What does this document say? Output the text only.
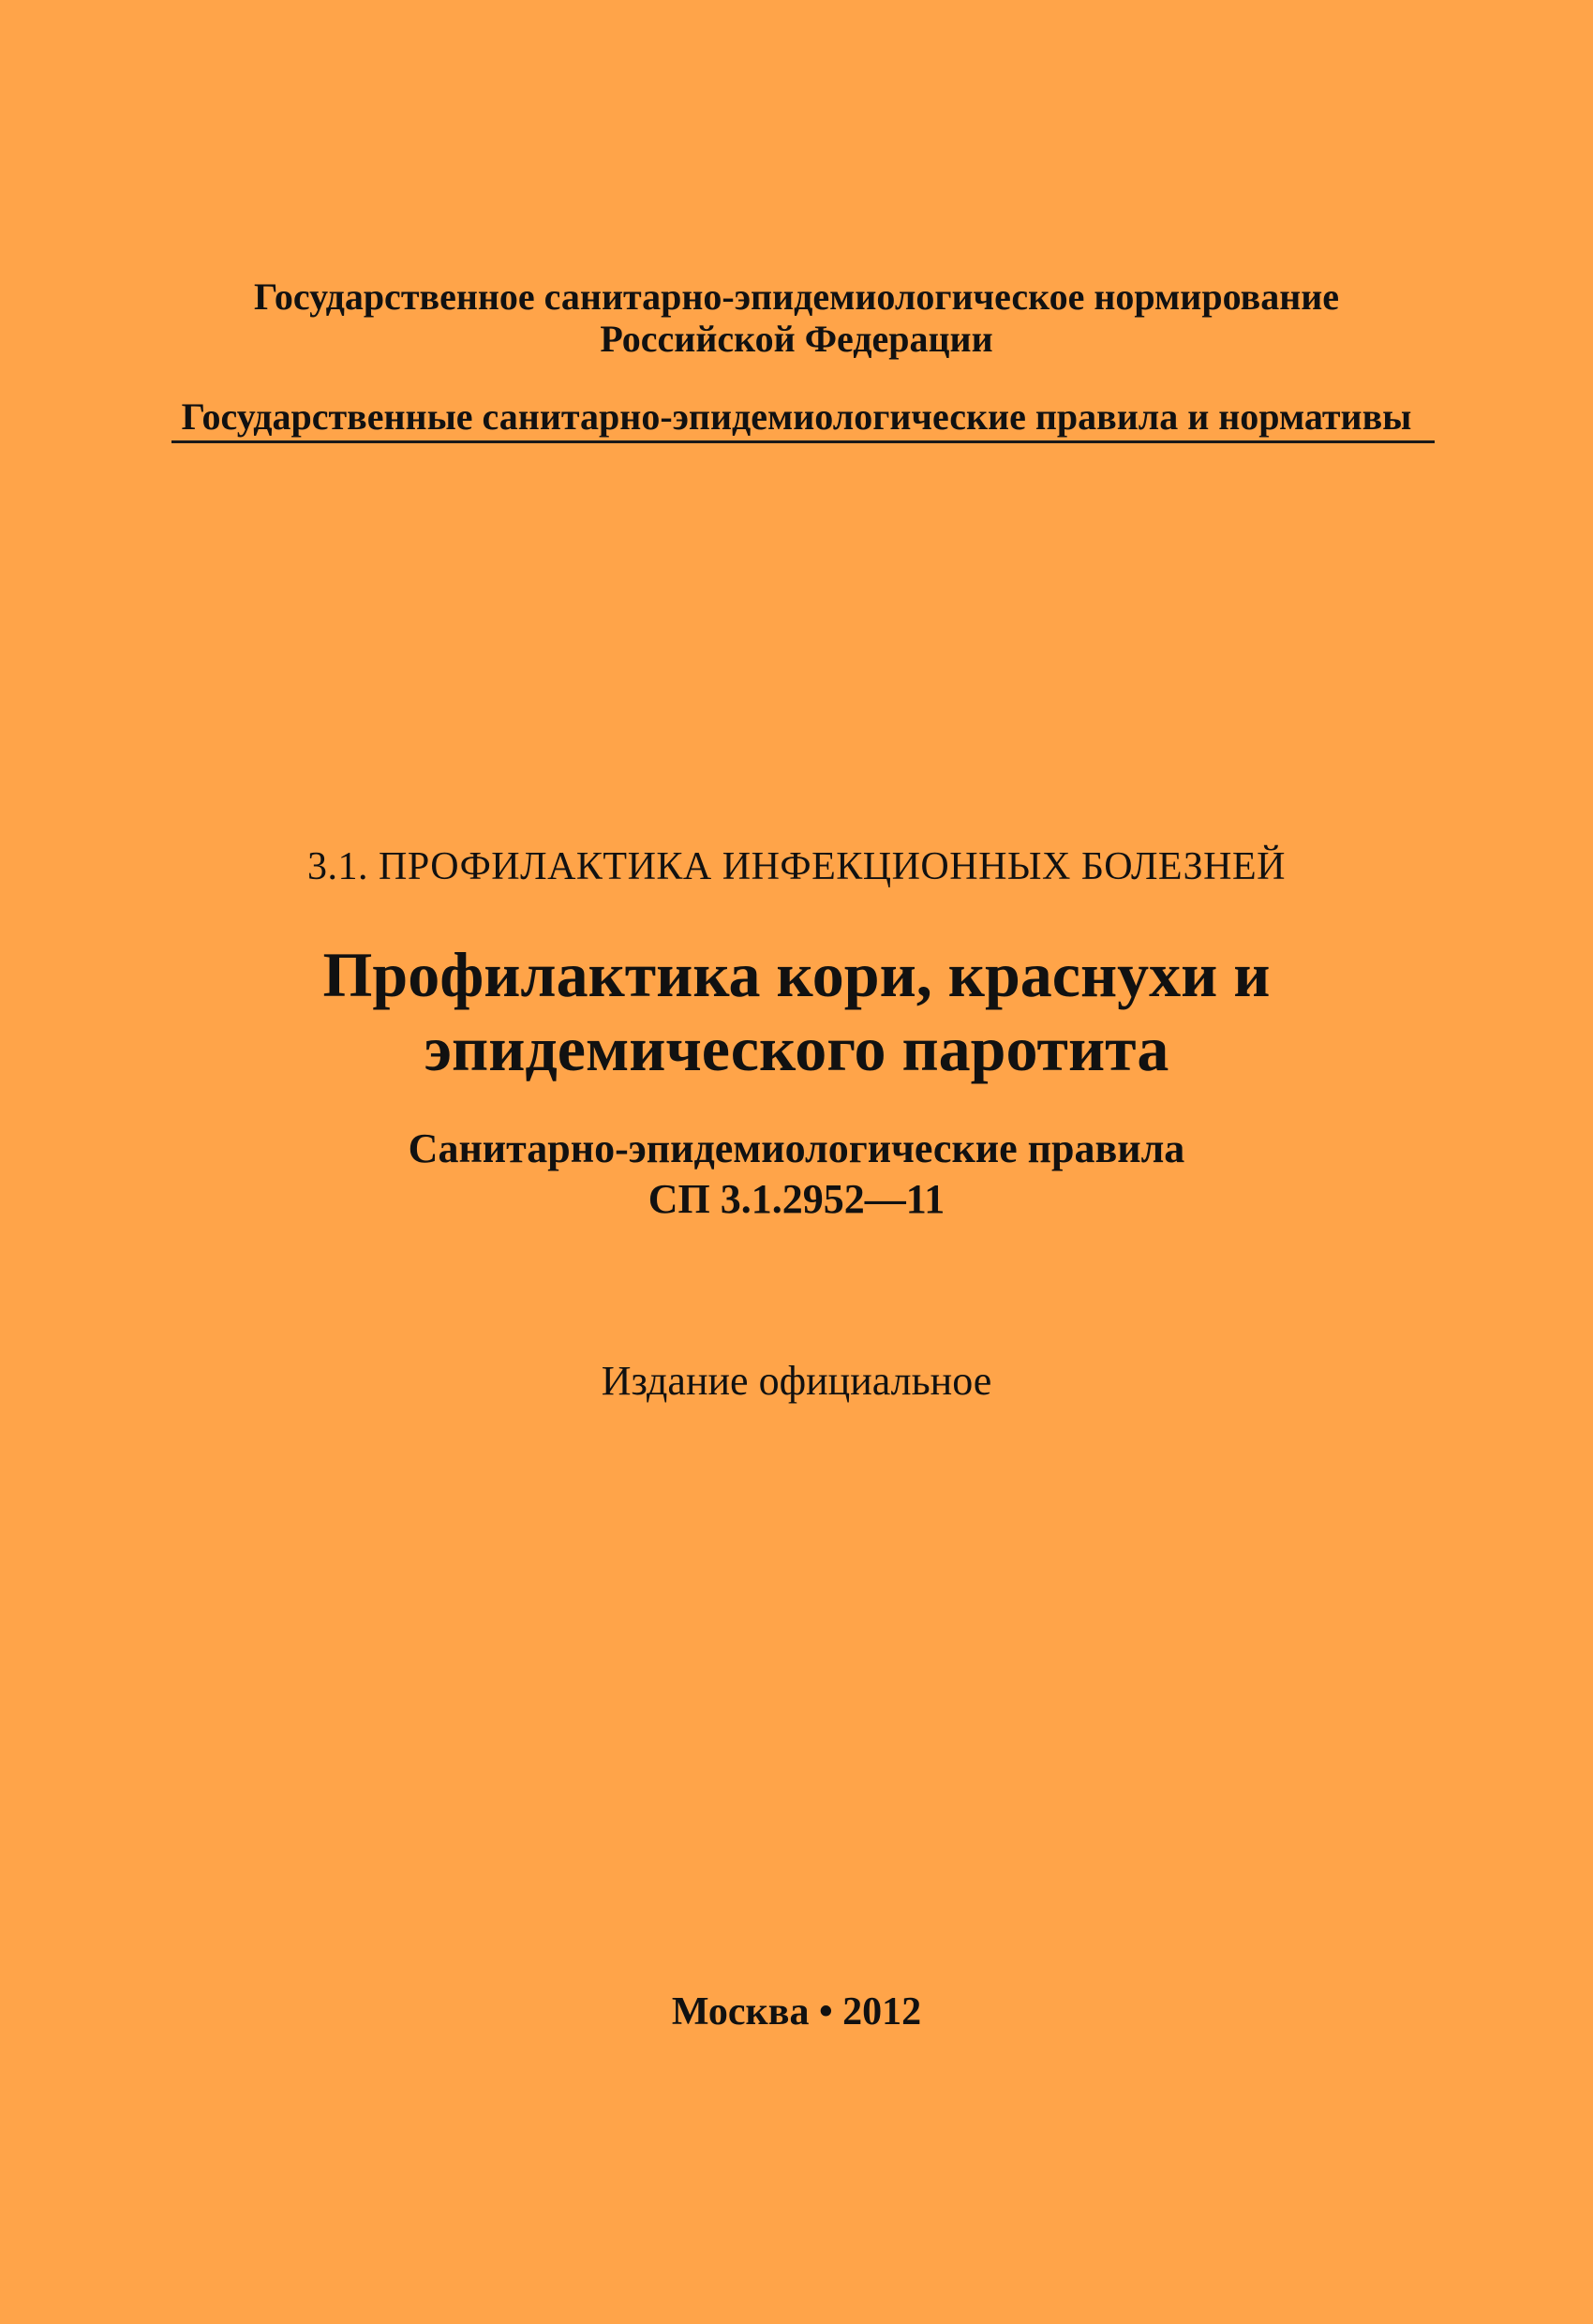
Государственное санитарно-эпидемиологическое нормирование
Российской Федерации
Государственные санитарно-эпидемиологические правила и нормативы
3.1. ПРОФИЛАКТИКА ИНФЕКЦИОННЫХ БОЛЕЗНЕЙ
Профилактика кори, краснухи и
эпидемического паротита
Санитарно-эпидемиологические правила
СП 3.1.2952—11
Издание официальное
Москва • 2012
